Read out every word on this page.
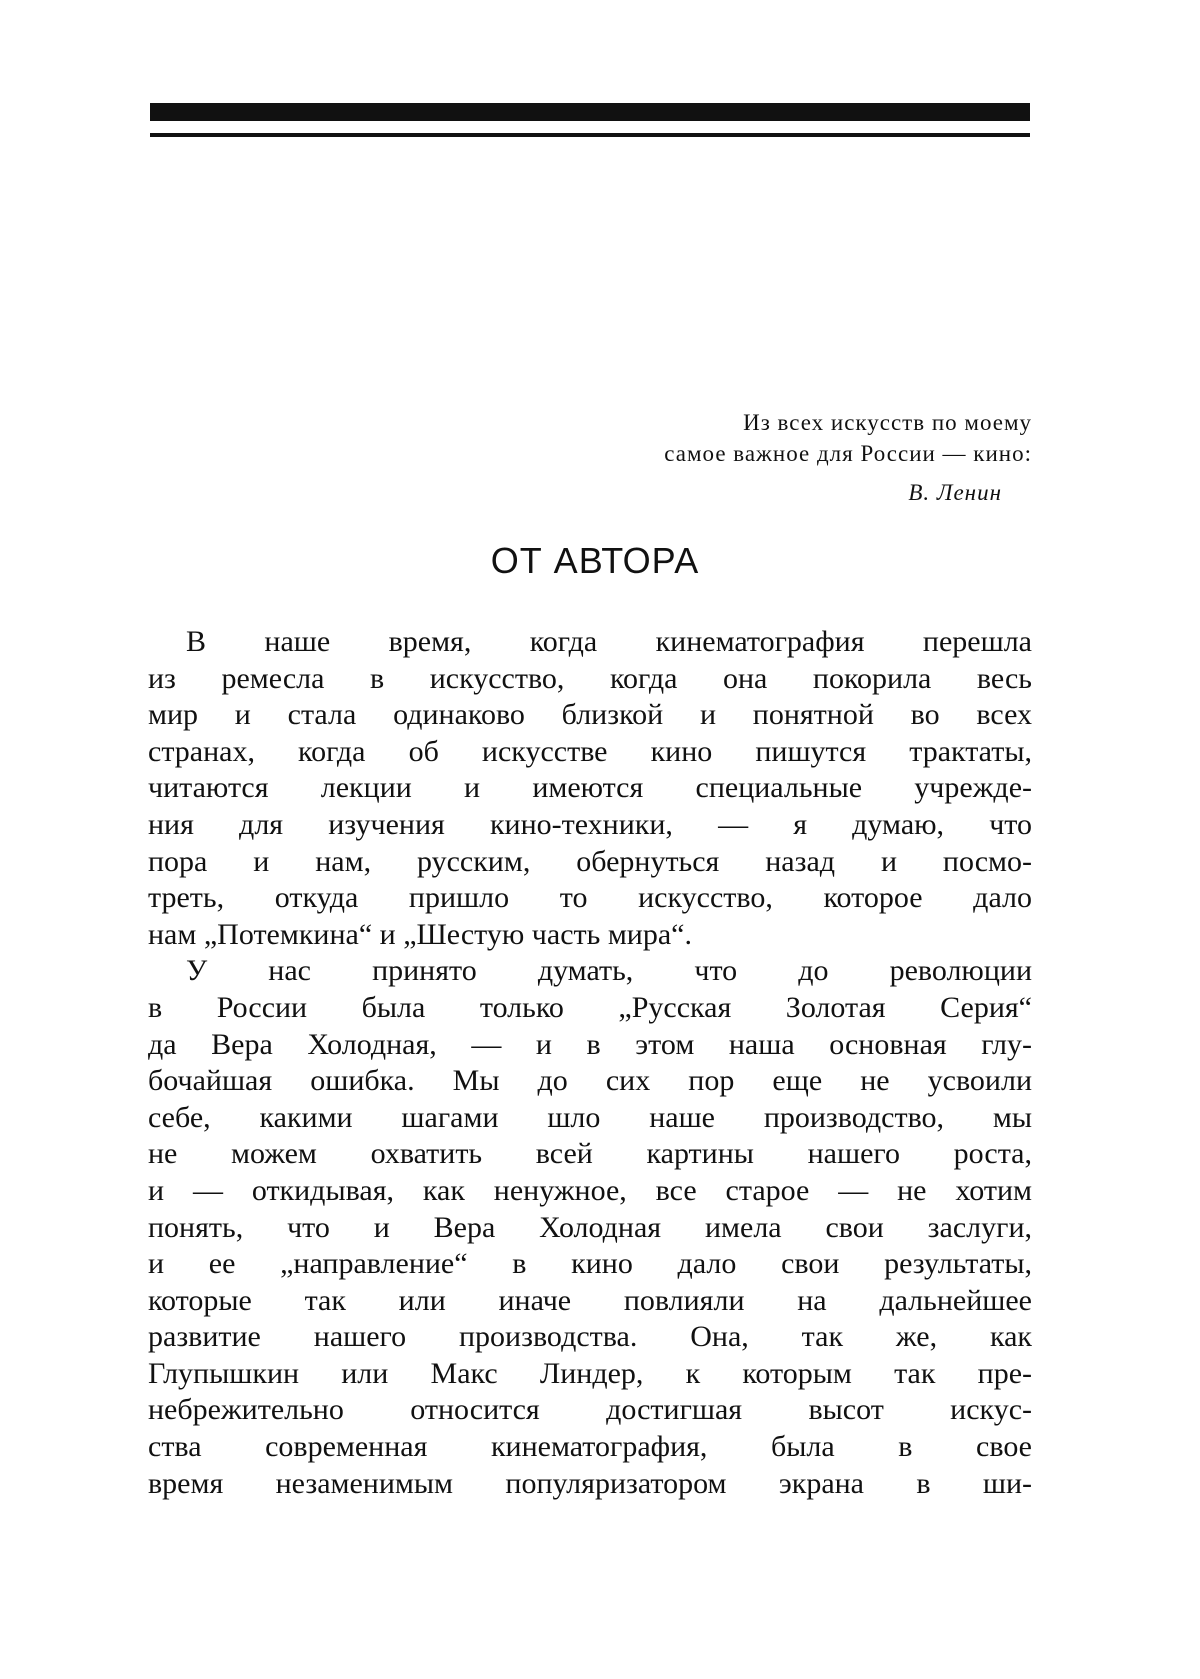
Из всех искусств по моему
самое важное для России — кино:
В. Ленин
ОТ АВТОРА
В наше время, когда кинематография перешла
из ремесла в искусство, когда она покорила весь
мир и стала одинаково близкой и понятной во всех
странах, когда об искусстве кино пишутся трактаты,
читаются лекции и имеются специальные учрежде-
ния для изучения кино-техники, — я думаю, что
пора и нам, русским, обернуться назад и посмо-
треть, откуда пришло то искусство, которое дало
нам „Потемкина“ и „Шестую часть мира“.
У нас принято думать, что до революции
в России была только „Русская Золотая Серия“
да Вера Холодная, — и в этом наша основная глу-
бочайшая ошибка. Мы до сих пор еще не усвоили
себе, какими шагами шло наше производство, мы
не можем охватить всей картины нашего роста,
и — откидывая, как ненужное, все старое — не хотим
понять, что и Вера Холодная имела свои заслуги,
и ее „направление“ в кино дало свои результаты,
которые так или иначе повлияли на дальнейшее
развитие нашего производства. Она, так же, как
Глупышкин или Макс Линдер, к которым так пре-
небрежительно относится достигшая высот искус-
ства современная кинематография, была в свое
время незаменимым популяризатором экрана в ши-
